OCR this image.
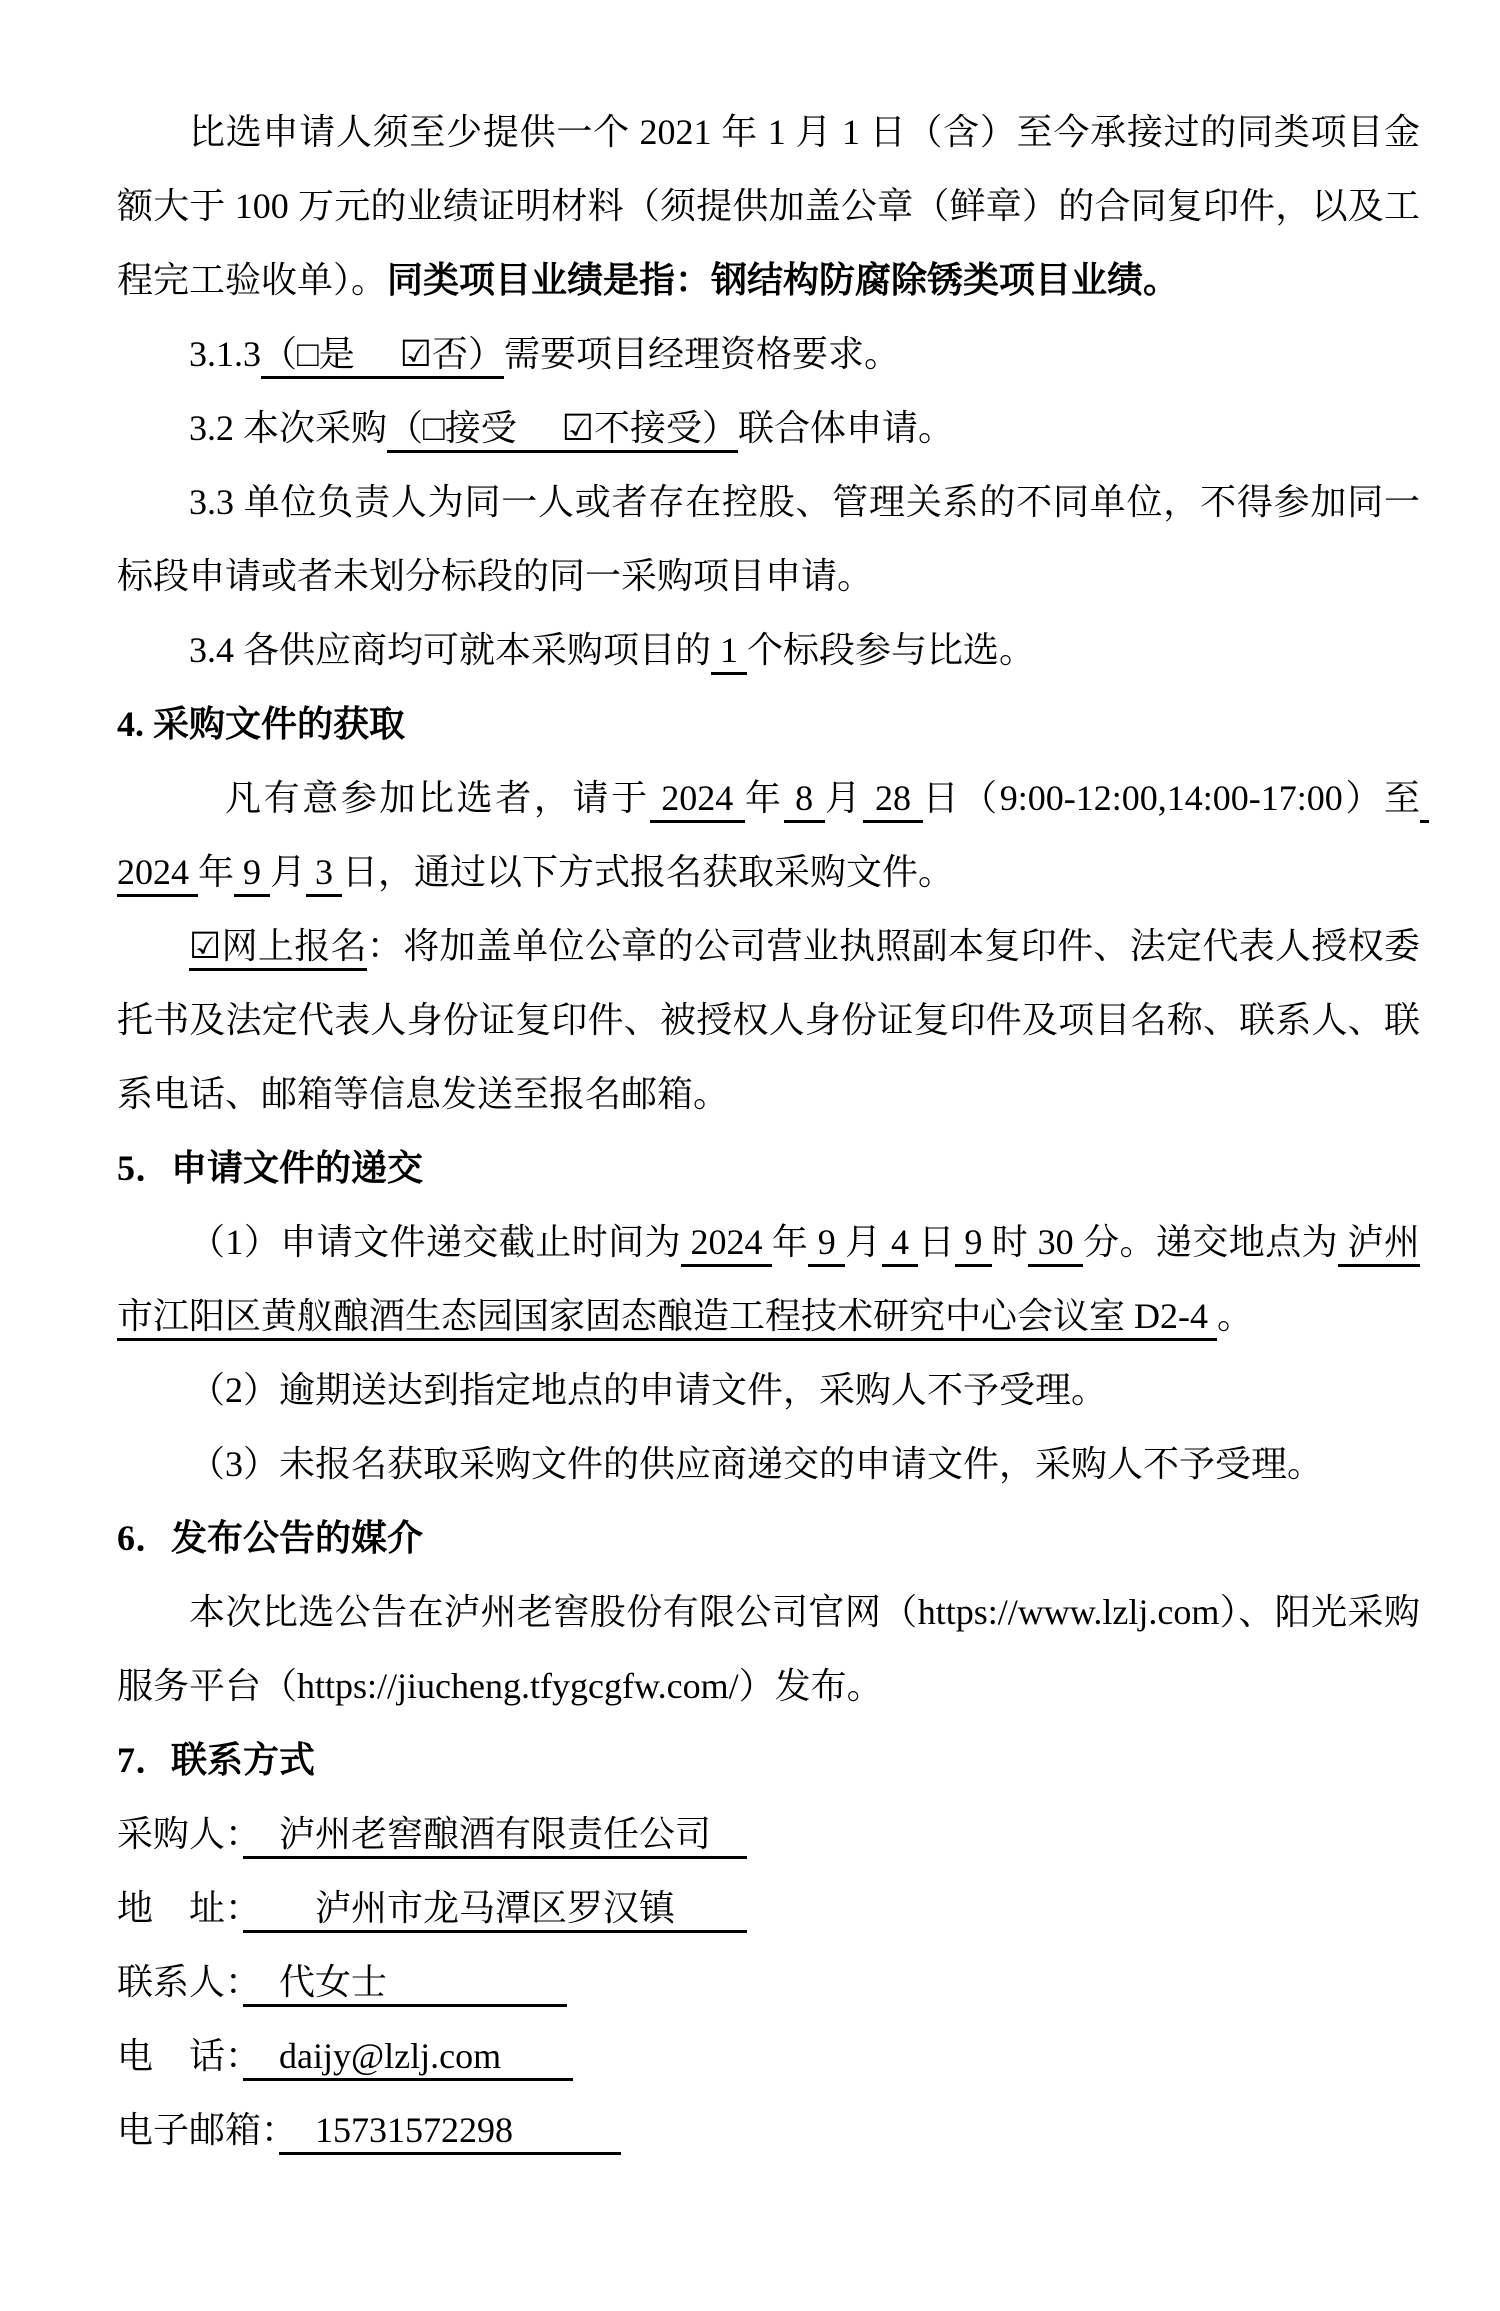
比选申请人须至少提供一个 2021 年 1 月 1 日（含）至今承接过的同类项目金额大于 100 万元的业绩证明材料（须提供加盖公章（鲜章）的合同复印件，以及工程完工验收单）。同类项目业绩是指：钢结构防腐除锈类项目业绩。

3.1.3（□是　 ☑否）需要项目经理资格要求。

3.2 本次采购（□接受　 ☑不接受）联合体申请。

3.3 单位负责人为同一人或者存在控股、管理关系的不同单位，不得参加同一标段申请或者未划分标段的同一采购项目申请。

3.4 各供应商均可就本采购项目的 1 个标段参与比选。

4. 采购文件的获取

凡有意参加比选者，请于 2024 年 8 月 28 日（9:00-12:00,14:00-17:00）至 2024 年 9 月 3 日，通过以下方式报名获取采购文件。

☑网上报名：将加盖单位公章的公司营业执照副本复印件、法定代表人授权委托书及法定代表人身份证复印件、被授权人身份证复印件及项目名称、联系人、联系电话、邮箱等信息发送至报名邮箱。

5．申请文件的递交

（1）申请文件递交截止时间为 2024 年 9 月 4 日 9 时 30 分。递交地点为 泸州市江阳区黄舣酿酒生态园国家固态酿造工程技术研究中心会议室 D2-4 。

（2）逾期送达到指定地点的申请文件，采购人不予受理。

（3）未报名获取采购文件的供应商递交的申请文件，采购人不予受理。

6．发布公告的媒介

本次比选公告在泸州老窖股份有限公司官网（https://www.lzlj.com）、阳光采购服务平台（https://jiucheng.tfygcgfw.com/）发布。

7．联系方式

采购人：　泸州老窖酿酒有限责任公司　

地　址：　　泸州市龙马潭区罗汉镇　　

联系人：　代女士　　　　　

电　话：　daijy@lzlj.com　　

电子邮箱：　15731572298　　　
